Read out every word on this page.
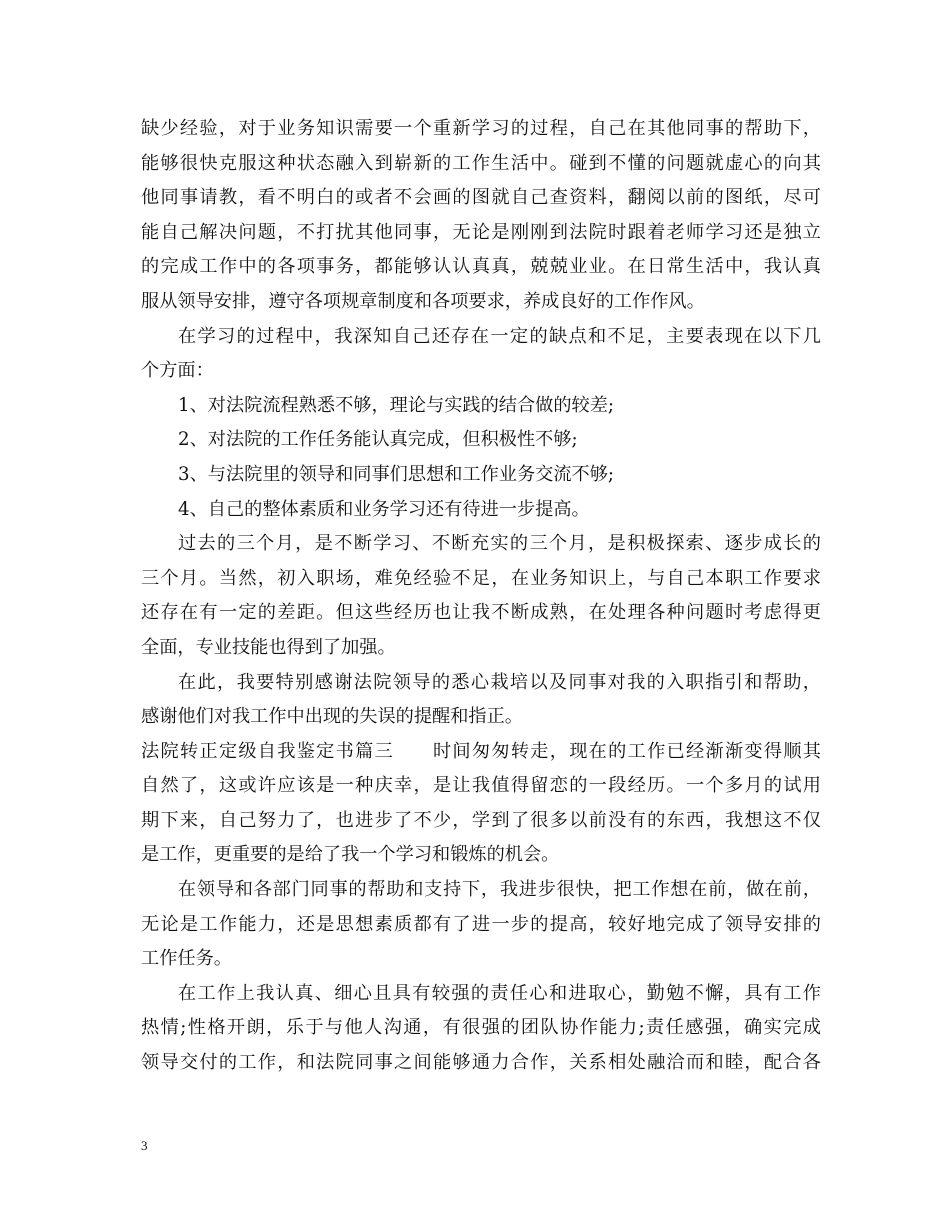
缺少经验，对于业务知识需要一个重新学习的过程，自己在其他同事的帮助下，
能够很快克服这种状态融入到崭新的工作生活中。碰到不懂的问题就虚心的向其
他同事请教，看不明白的或者不会画的图就自己查资料，翻阅以前的图纸，尽可
能自己解决问题，不打扰其他同事，无论是刚刚到法院时跟着老师学习还是独立
的完成工作中的各项事务，都能够认认真真，兢兢业业。在日常生活中，我认真
服从领导安排，遵守各项规章制度和各项要求，养成良好的工作作风。
在学习的过程中，我深知自己还存在一定的缺点和不足，主要表现在以下几
个方面：
1、对法院流程熟悉不够，理论与实践的结合做的较差;
2、对法院的工作任务能认真完成，但积极性不够;
3、与法院里的领导和同事们思想和工作业务交流不够;
4、自己的整体素质和业务学习还有待进一步提高。
过去的三个月，是不断学习、不断充实的三个月，是积极探索、逐步成长的
三个月。当然，初入职场，难免经验不足，在业务知识上，与自己本职工作要求
还存在有一定的差距。但这些经历也让我不断成熟，在处理各种问题时考虑得更
全面，专业技能也得到了加强。
在此，我要特别感谢法院领导的悉心栽培以及同事对我的入职指引和帮助，
感谢他们对我工作中出现的失误的提醒和指正。
法院转正定级自我鉴定书篇三　　时间匆匆转走，现在的工作已经渐渐变得顺其
自然了，这或许应该是一种庆幸，是让我值得留恋的一段经历。一个多月的试用
期下来，自己努力了，也进步了不少，学到了很多以前没有的东西，我想这不仅
是工作，更重要的是给了我一个学习和锻炼的机会。
在领导和各部门同事的帮助和支持下，我进步很快，把工作想在前，做在前，
无论是工作能力，还是思想素质都有了进一步的提高，较好地完成了领导安排的
工作任务。
在工作上我认真、细心且具有较强的责任心和进取心，勤勉不懈，具有工作
热情;性格开朗，乐于与他人沟通，有很强的团队协作能力;责任感强，确实完成
领导交付的工作，和法院同事之间能够通力合作，关系相处融洽而和睦，配合各
3
